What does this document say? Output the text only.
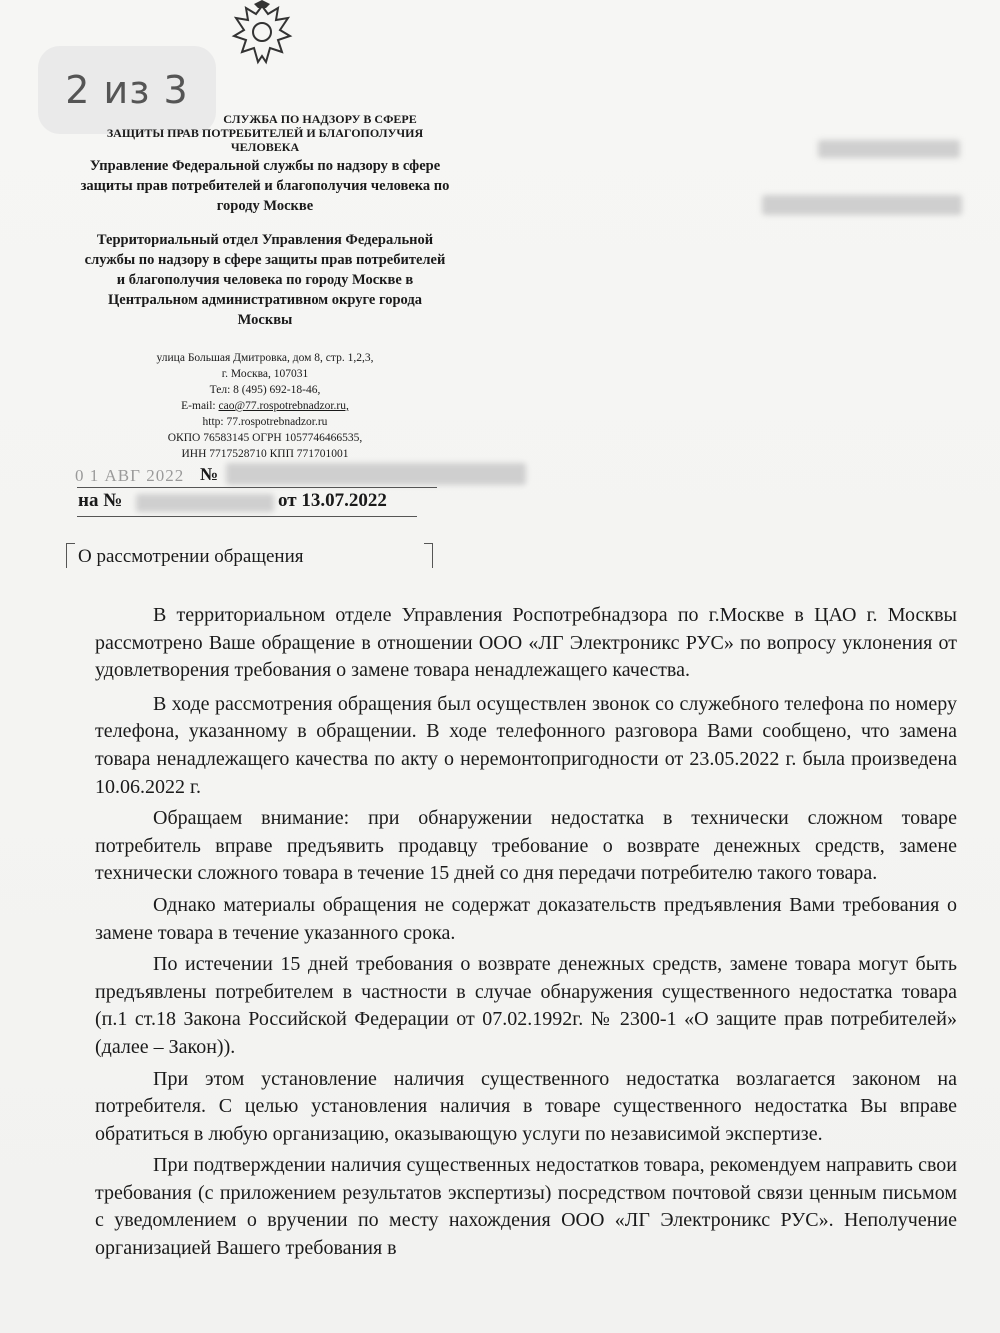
2 из 3
СЛУЖБА ПО НАДЗОРУ В СФЕРЕ
ЗАЩИТЫ ПРАВ ПОТРЕБИТЕЛЕЙ И БЛАГОПОЛУЧИЯ
ЧЕЛОВЕКА
Управление Федеральной службы по надзору в сфере защиты прав потребителей и благополучия человека по городу Москве
Территориальный отдел Управления Федеральной службы по надзору в сфере защиты прав потребителей и благополучия человека по городу Москве в Центральном административном округе города Москвы
улица Большая Дмитровка, дом 8, стр. 1,2,3,
г. Москва, 107031
Тел: 8 (495) 692-18-46,
E-mail: cao@77.rospotrebnadzor.ru,
http: 77.rospotrebnadzor.ru
ОКПО 76583145 ОГРН 1057746466535,
ИНН 7717528710 КПП 771701001
0 1 АВГ 2022 №
на №	от 13.07.2022
О рассмотрении обращения

В территориальном отделе Управления Роспотребнадзора по г.Москве в ЦАО г. Москвы рассмотрено Ваше обращение в отношении ООО «ЛГ Электроникс РУС» по вопросу уклонения от удовлетворения требования о замене товара ненадлежащего качества.

В ходе рассмотрения обращения был осуществлен звонок со служебного телефона по номеру телефона, указанному в обращении. В ходе телефонного разговора Вами сообщено, что замена товара ненадлежащего качества по акту о неремонтопригодности от 23.05.2022 г. была произведена 10.06.2022 г.

Обращаем внимание: при обнаружении недостатка в технически сложном товаре потребитель вправе предъявить продавцу требование о возврате денежных средств, замене технически сложного товара в течение 15 дней со дня передачи потребителю такого товара.

Однако материалы обращения не содержат доказательств предъявления Вами требования о замене товара в течение указанного срока.

По истечении 15 дней требования о возврате денежных средств, замене товара могут быть предъявлены потребителем в частности в случае обнаружения существенного недостатка товара (п.1 ст.18 Закона Российской Федерации от 07.02.1992г. № 2300-1 «О защите прав потребителей» (далее – Закон)).

При этом установление наличия существенного недостатка возлагается законом на потребителя. С целью установления наличия в товаре существенного недостатка Вы вправе обратиться в любую организацию, оказывающую услуги по независимой экспертизе.

При подтверждении наличия существенных недостатков товара, рекомендуем направить свои требования (с приложением результатов экспертизы) посредством почтовой связи ценным письмом с уведомлением о вручении по месту нахождения ООО «ЛГ Электроникс РУС». Неполучение организацией Вашего требования в
